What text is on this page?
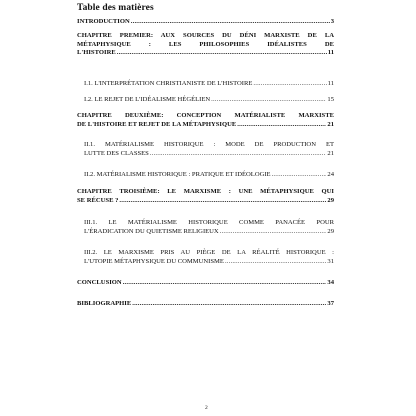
Table des matières
INTRODUCTION .....	3
CHAPITRE PREMIER: AUX SOURCES DU DÉNI MARXISTE DE LA
MÉTAPHYSIQUE : LES PHILOSOPHIES IDÉALISTES DE
L'HISTOIRE .....	11
I.1. L'INTERPRÉTATION CHRISTIANISTE DE L'HISTOIRE .....	11
I.2. LE REJET DE L'IDÉALISME HÉGÉLIEN .....	15
CHAPITRE DEUXIÈME: CONCEPTION MATÉRIALISTE MARXISTE
DE L'HISTOIRE ET REJET DE LA MÉTAPHYSIQUE .....	21
II.1. MATÉRIALISME HISTORIQUE : MODE DE PRODUCTION ET
LUTTE DES CLASSES .....	21
II.2. MATÉRIALISME HISTORIQUE : PRATIQUE ET IDÉOLOGIE .....	24
CHAPITRE TROISIÈME: LE MARXISME : UNE MÉTAPHYSIQUE QUI
SE RÉCUSE ? .....	29
III.1. LE MATÉRIALISME HISTORIQUE COMME PANACÉE POUR
L'ÉRADICATION DU QUIETISME RELIGIEUX .....	29
III.2. LE MARXISME PRIS AU PIÈGE DE LA RÉALITÉ HISTORIQUE :
L'UTOPIE MÉTAPHYSIQUE DU COMMUNISME .....	31
CONCLUSION .....	34
BIBLIOGRAPHIE .....	37
2
